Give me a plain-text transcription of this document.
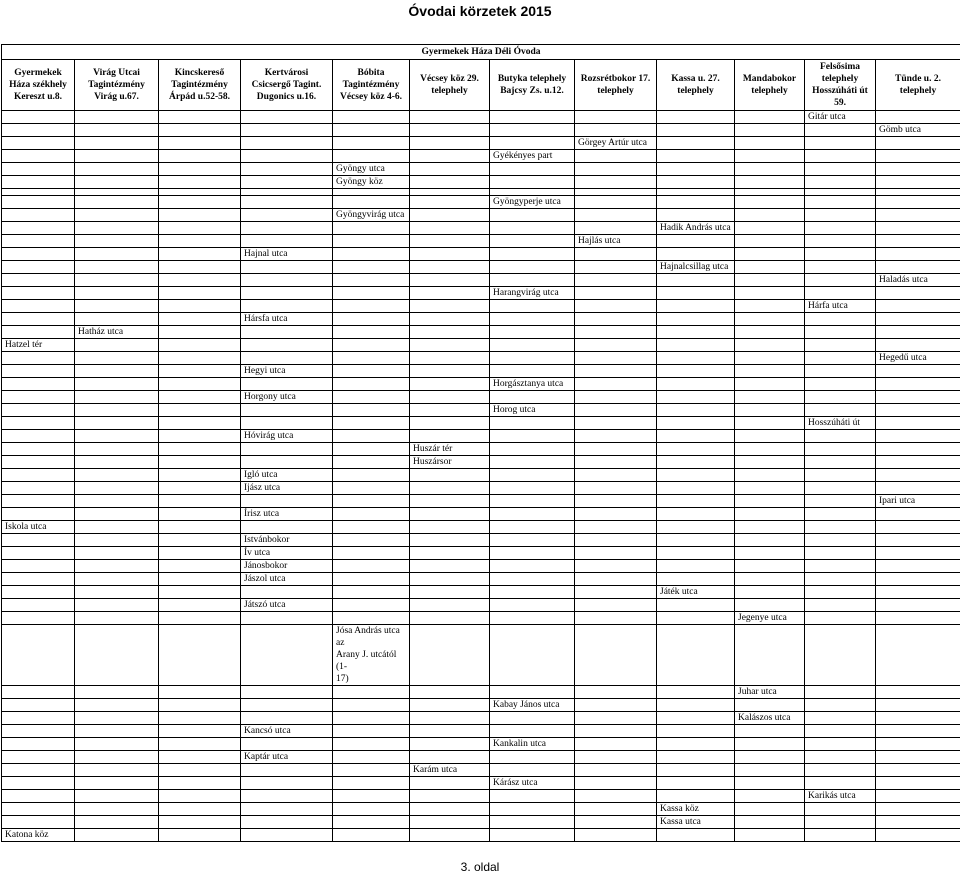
Óvodai körzetek 2015
Gyermekek Háza Déli Óvoda											
Gyermekek Háza székhely Kereszt u.8.	Virág Utcai Tagintézmény Virág u.67.	Kincskereső Tagintézmény Árpád u.52-58.	Kertvárosi Csicsergő Tagint. Dugonics u.16.	Bóbita Tagintézmény Vécsey köz 4-6.	Vécsey köz 29. telephely	Butyka telephely Bajcsy Zs. u.12.	Rozsrétbokor 17. telephely	Kassa u. 27. telephely	Mandabokor telephely	Felsősima telephely Hosszúháti út 59.	Tünde u. 2. telephely
										Gitár utca	
											Gömb utca
							Görgey Artúr utca				
						Gyékényes part					
				Gyöngy utca							
				Gyöngy köz							

						Gyöngyperje utca					
				Gyöngyvirág utca							
								Hadik András utca			
							Hajlás utca				
			Hajnal utca								
								Hajnalcsillag utca			
											Haladás utca
						Harangvirág utca					
										Hárfa utca	
			Hársfa utca								
	Hatház utca										
Hatzel tér											
											Hegedű utca
			Hegyi utca								
						Horgásztanya utca					
			Horgony utca								
						Horog utca					
										Hosszúháti út	
			Hóvirág utca								
					Huszár tér						
					Huszársor						
			Igló utca								
			Ijász utca								
											Ipari utca
			Írisz utca								
Iskola utca											
			Istvánbokor								
			Ív utca								
			Jánosbokor								
			Jászol utca								
								Játék utca			
			Játszó utca								
									Jegenye utca		
				Jósa András utca az
Arany J. utcától (1-
17)							
									Juhar utca		
						Kabay János utca					
									Kalászos utca		
			Kancsó utca								
						Kankalin utca					
			Kaptár utca								
					Karám utca						
						Kárász utca					
										Karikás utca	
								Kassa köz			
								Kassa utca			
Katona köz											
3. oldal
